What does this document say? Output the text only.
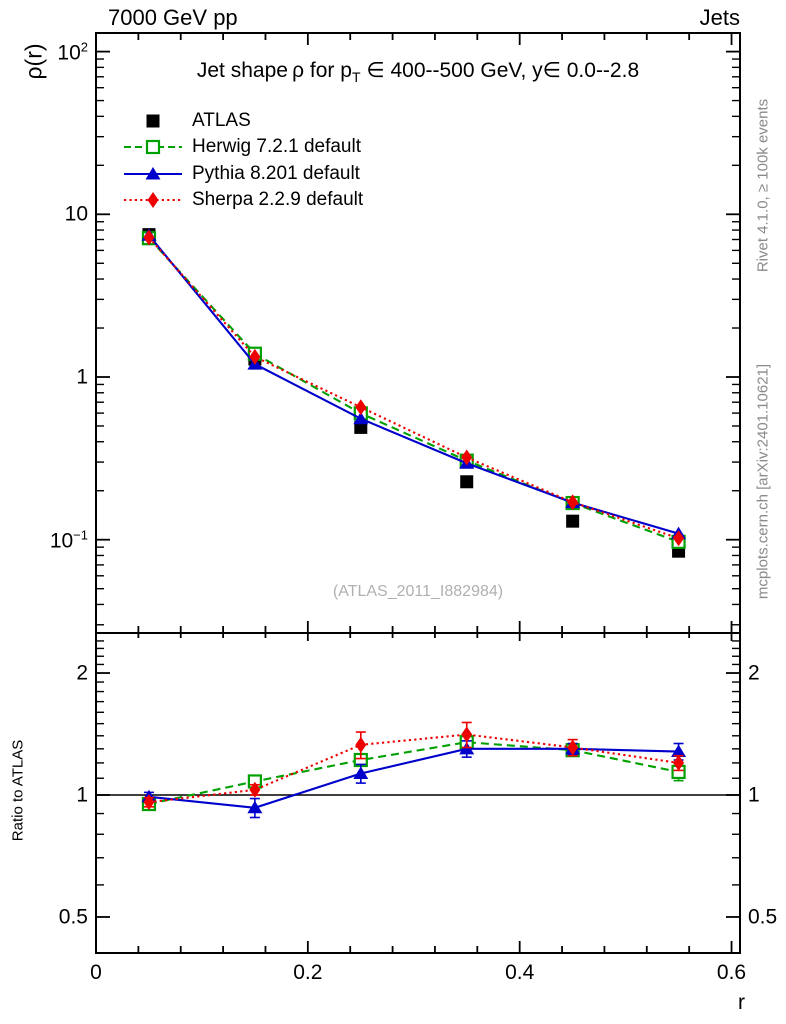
7000 GeV pp	Jets
ρ(r)	Jet shape ρ for $p_T$ ∈ 400--500 GeV, y∈ 0.0--2.8
ATLAS
Herwig 7.2.1 default
Pythia 8.201 default
Sherpa 2.2.9 default
(ATLAS_2011_I882984)
Rivet 4.1.0, ≥ 100k events
mcplots.cern.ch [arXiv:2401.10621]
Ratio to ATLAS
r
$10^2$
10
1
$10^{-1}$
2	2
1	1
0.5	0.5
0	0.2	0.4	0.6
